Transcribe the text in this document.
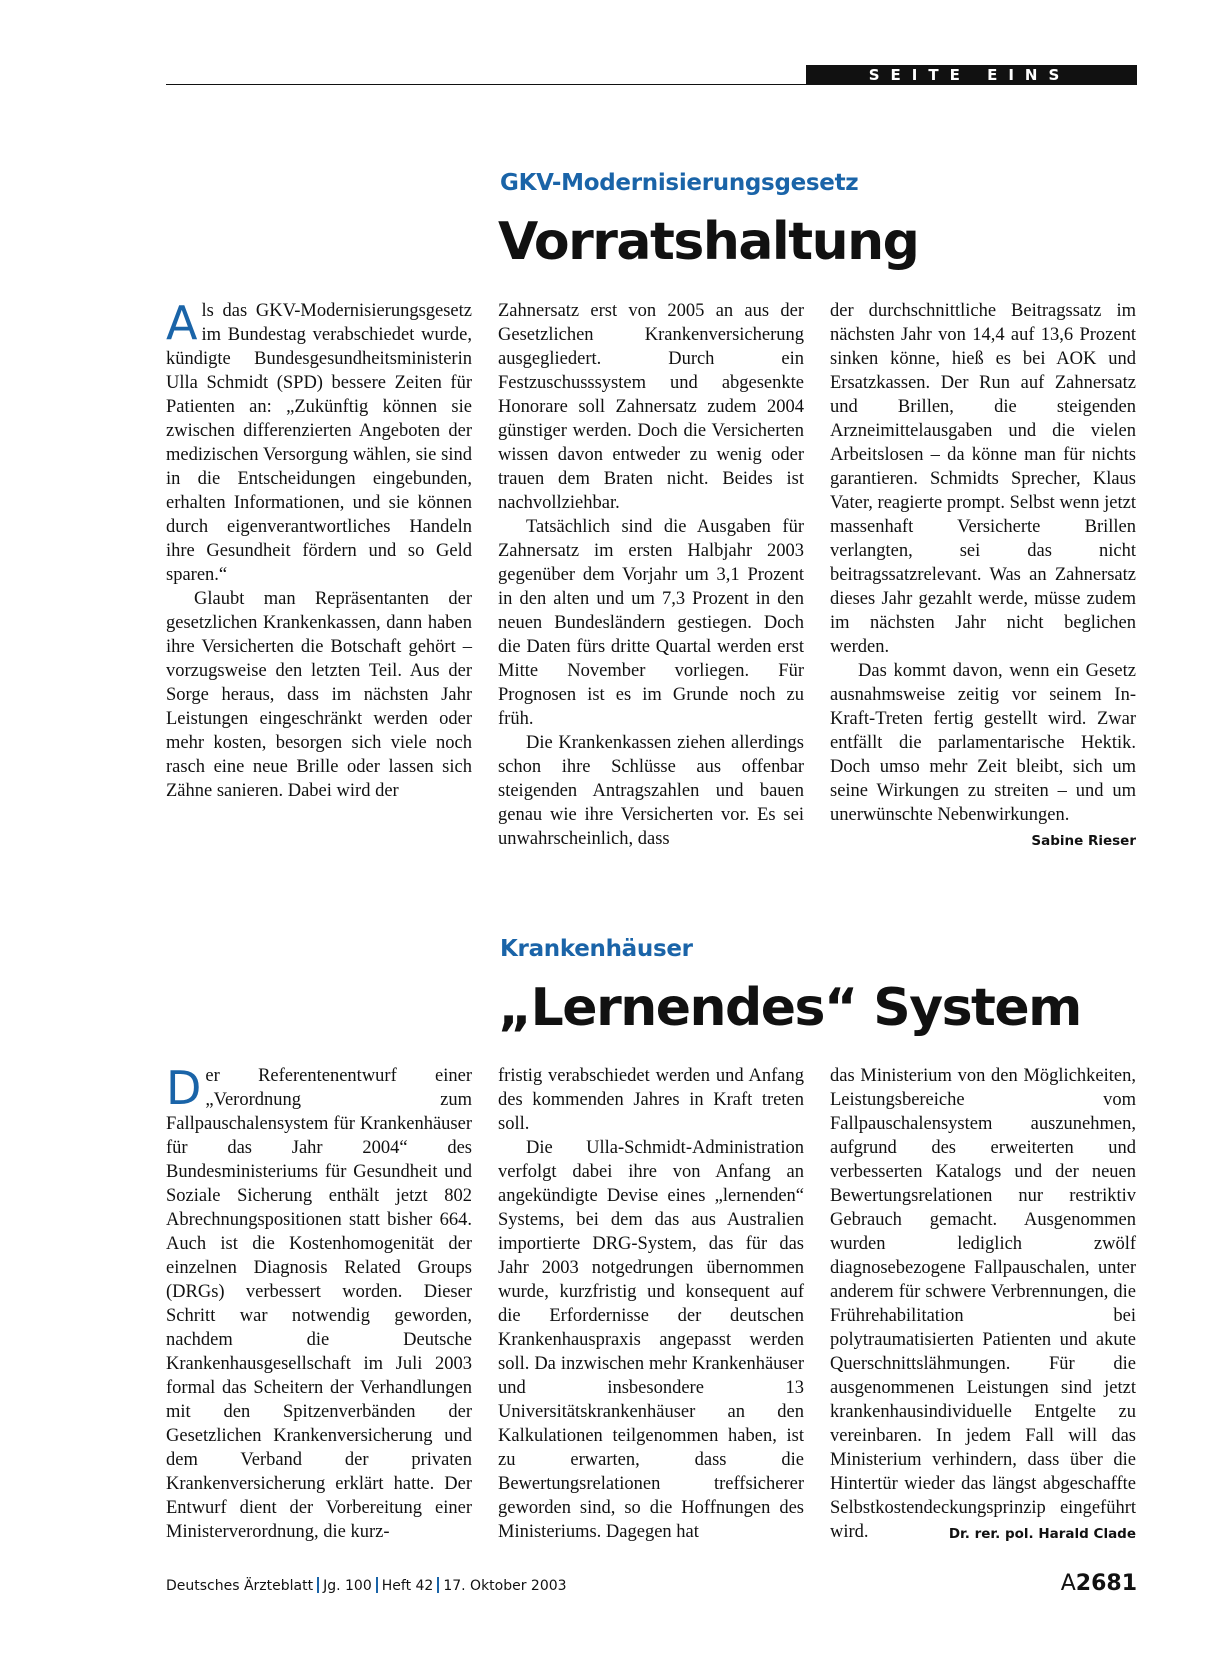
SEITE EINS
GKV-Modernisierungsgesetz
Vorratshaltung

Als das GKV-Modernisierungsgesetz im Bundestag verabschiedet wurde, kündigte Bundesgesundheitsministerin Ulla Schmidt (SPD) bessere Zeiten für Patienten an: „Zukünftig können sie zwischen differenzierten Angeboten der medizischen Versorgung wählen, sie sind in die Entscheidungen eingebunden, erhalten Informationen, und sie können durch eigenverantwortliches Handeln ihre Gesundheit fördern und so Geld sparen.“

Glaubt man Repräsentanten der gesetzlichen Krankenkassen, dann haben ihre Versicherten die Botschaft gehört – vorzugsweise den letzten Teil. Aus der Sorge heraus, dass im nächsten Jahr Leistungen eingeschränkt werden oder mehr kosten, besorgen sich viele noch rasch eine neue Brille oder lassen sich Zähne sanieren. Dabei wird der

Zahnersatz erst von 2005 an aus der Gesetzlichen Krankenversicherung ausgegliedert. Durch ein Festzuschusssystem und abgesenkte Honorare soll Zahnersatz zudem 2004 günstiger werden. Doch die Versicherten wissen davon entweder zu wenig oder trauen dem Braten nicht. Beides ist nachvollziehbar.

Tatsächlich sind die Ausgaben für Zahnersatz im ersten Halbjahr 2003 gegenüber dem Vorjahr um 3,1 Prozent in den alten und um 7,3 Prozent in den neuen Bundesländern gestiegen. Doch die Daten fürs dritte Quartal werden erst Mitte November vorliegen. Für Prognosen ist es im Grunde noch zu früh.

Die Krankenkassen ziehen allerdings schon ihre Schlüsse aus offenbar steigenden Antragszahlen und bauen genau wie ihre Versicherten vor. Es sei unwahrscheinlich, dass

der durchschnittliche Beitragssatz im nächsten Jahr von 14,4 auf 13,6 Prozent sinken könne, hieß es bei AOK und Ersatzkassen. Der Run auf Zahnersatz und Brillen, die steigenden Arzneimittelausgaben und die vielen Arbeitslosen – da könne man für nichts garantieren. Schmidts Sprecher, Klaus Vater, reagierte prompt. Selbst wenn jetzt massenhaft Versicherte Brillen verlangten, sei das nicht beitragssatzrelevant. Was an Zahnersatz dieses Jahr gezahlt werde, müsse zudem im nächsten Jahr nicht beglichen werden.

Das kommt davon, wenn ein Gesetz ausnahmsweise zeitig vor seinem In-Kraft-Treten fertig gestellt wird. Zwar entfällt die parlamentarische Hektik. Doch umso mehr Zeit bleibt, sich um seine Wirkungen zu streiten – und um unerwünschte Nebenwirkungen.
Sabine Rieser

Krankenhäuser
„Lernendes“ System

Der Referentenentwurf einer „Verordnung zum Fallpauschalensystem für Krankenhäuser für das Jahr 2004“ des Bundesministeriums für Gesundheit und Soziale Sicherung enthält jetzt 802 Abrechnungspositionen statt bisher 664. Auch ist die Kostenhomogenität der einzelnen Diagnosis Related Groups (DRGs) verbessert worden. Dieser Schritt war notwendig geworden, nachdem die Deutsche Krankenhausgesellschaft im Juli 2003 formal das Scheitern der Verhandlungen mit den Spitzenverbänden der Gesetzlichen Krankenversicherung und dem Verband der privaten Krankenversicherung erklärt hatte. Der Entwurf dient der Vorbereitung einer Ministerverordnung, die kurz-

fristig verabschiedet werden und Anfang des kommenden Jahres in Kraft treten soll.

Die Ulla-Schmidt-Administration verfolgt dabei ihre von Anfang an angekündigte Devise eines „lernenden“ Systems, bei dem das aus Australien importierte DRG-System, das für das Jahr 2003 notgedrungen übernommen wurde, kurzfristig und konsequent auf die Erfordernisse der deutschen Krankenhauspraxis angepasst werden soll. Da inzwischen mehr Krankenhäuser und insbesondere 13 Universitätskrankenhäuser an den Kalkulationen teilgenommen haben, ist zu erwarten, dass die Bewertungsrelationen treffsicherer geworden sind, so die Hoffnungen des Ministeriums. Dagegen hat

das Ministerium von den Möglichkeiten, Leistungsbereiche vom Fallpauschalensystem auszunehmen, aufgrund des erweiterten und verbesserten Katalogs und der neuen Bewertungsrelationen nur restriktiv Gebrauch gemacht. Ausgenommen wurden lediglich zwölf diagnosebezogene Fallpauschalen, unter anderem für schwere Verbrennungen, die Frührehabilitation bei polytraumatisierten Patienten und akute Querschnittslähmungen. Für die ausgenommenen Leistungen sind jetzt krankenhausindividuelle Entgelte zu vereinbaren. In jedem Fall will das Ministerium verhindern, dass über die Hintertür wieder das längst abgeschaffte Selbstkostendeckungsprinzip eingeführt wird.	Dr. rer. pol. Harald Clade

Deutsches Ärzteblatt Jg. 100 Heft 42 17. Oktober 2003	A2681
